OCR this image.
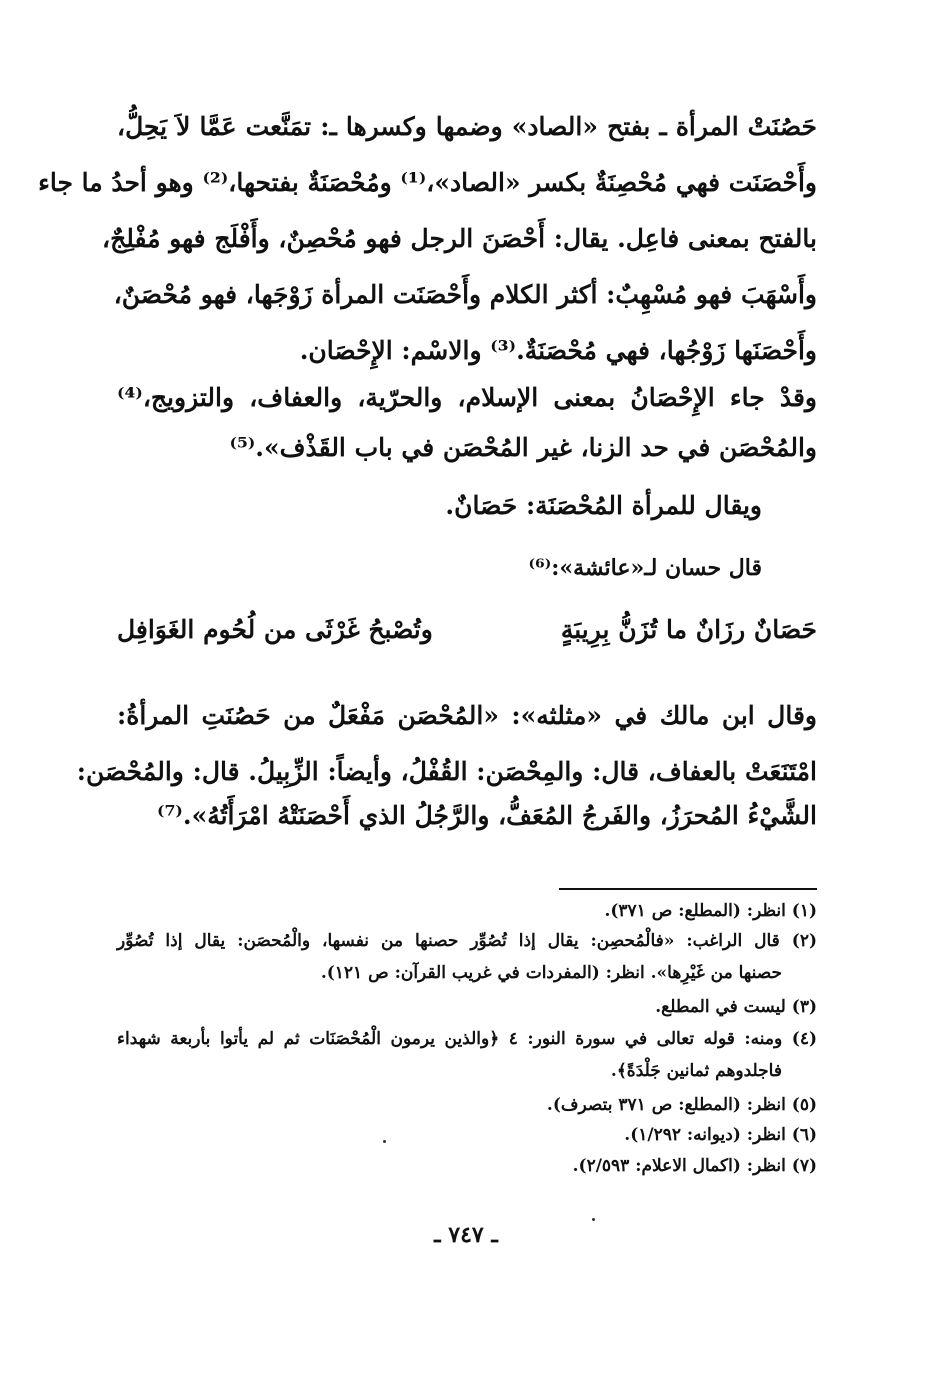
حَصُنَتْ المرأة ـ بفتح «الصاد» وضمها وكسرها ـ: تمَنَّعت عَمَّا لاَ يَحِلُّ،
وأَحْصَنَت فهي مُحْصِنَةٌ بكسر «الصاد»،⁽¹⁾ ومُحْصَنَةٌ بفتحها،⁽²⁾ وهو أحدُ ما جاء
بالفتح بمعنى فاعِل. يقال: أَحْصَنَ الرجل فهو مُحْصِنٌ، وأَفْلَج فهو مُفْلِجٌ،
وأَسْهَبَ فهو مُسْهِبٌ: أكثر الكلام وأَحْصَنَت المرأة زَوْجَها، فهو مُحْصَنٌ،
وأَحْصَنَها زَوْجُها، فهي مُحْصَنَةٌ.⁽³⁾ والاسْم: الإِحْصَان.
وقدْ جاء الإِحْصَانُ بمعنى الإسلام، والحرّية، والعفاف، والتزويج،⁽⁴⁾
والمُحْصَن في حد الزنا، غير المُحْصَن في باب القَذْف».⁽⁵⁾
ويقال للمرأة المُحْصَنَة: حَصَانٌ.
قال حسان لـ«عائشة»:⁽⁶⁾
حَصَانٌ رزَانٌ ما تُزَنُّ بِرِيبَةٍ
وتُصْبحُ غَرْثَى من لُحُوم الغَوَافِل
وقال ابن مالك في «مثلثه»: «المُحْصَن مَفْعَلٌ من حَصُنَتِ المرأةُ:
امْتَنَعَتْ بالعفاف، قال: والمِحْصَن: القُفْلُ، وأيضاً: الزِّبِيلُ. قال: والمُحْصَن:
الشَّيْءُ المُحرَزُ، والفَرجُ المُعَفُّ، والرَّجُلُ الذي أَحْصَنَتْهُ امْرَأَتُهُ».⁽⁷⁾
(١) انظر: (المطلع: ص ٣٧١).
(٢) قال الراغب: «فالْمُحصِن: يقال إذا تُصُوِّر حصنها من نفسها، والْمُحصَن: يقال إذا تُصُوِّر
حصنها من غَيْرِها». انظر: (المفردات في غريب القرآن: ص ١٢١).
(٣) ليست في المطلع.
(٤) ومنه: قوله تعالى في سورة النور: ٤ ﴿والذين يرمون الْمُحْصَنَات ثم لم يأتوا بأربعة شهداء
فاجلدوهم ثمانين جَلْدَةً﴾.
(٥) انظر: (المطلع: ص ٣٧١ بتصرف).
(٦) انظر: (ديوانه: ١/٢٩٢).
(٧) انظر: (اكمال الاعلام: ٢/٥٩٣).
ـ ٧٤٧ ـ
